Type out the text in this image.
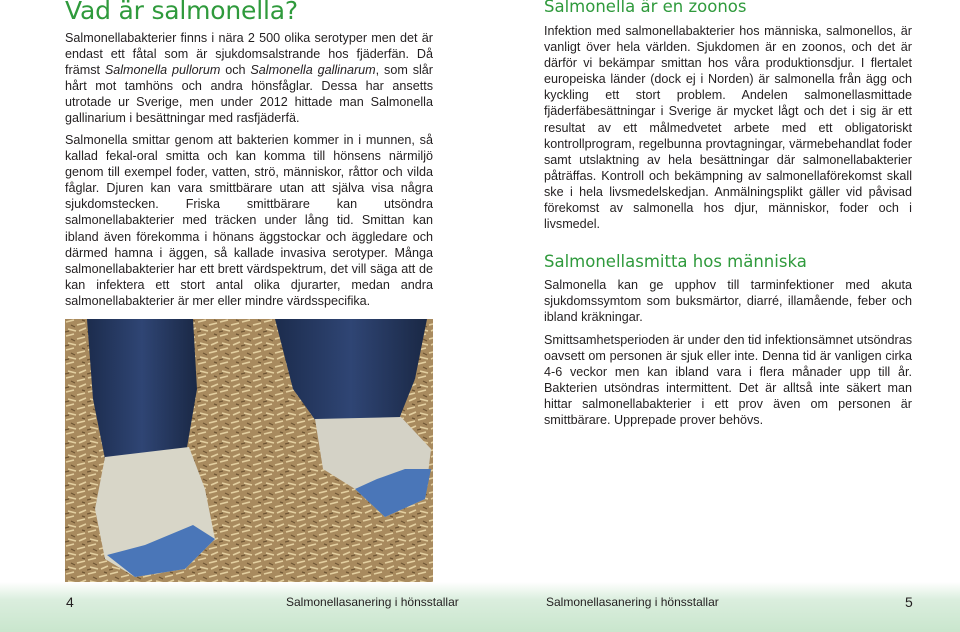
Vad är salmonella?

Salmonellabakterier finns i nära 2 500 olika serotyper men det är endast ett fåtal som är sjukdomsalstrande hos fjäderfän. Då främst Salmonella pullorum och Salmonella gallinarum, som slår hårt mot tamhöns och andra hönsfåglar. Dessa har ansetts utrotade ur Sverige, men under 2012 hittade man Salmonella gallinarium i besättningar med rasfjäderfä.

Salmonella smittar genom att bakterien kommer in i munnen, så kallad fekal-oral smitta och kan komma till hönsens närmiljö genom till exempel foder, vatten, strö, människor, råttor och vilda fåglar. Djuren kan vara smittbärare utan att själva visa några sjukdomstecken. Friska smittbärare kan utsöndra salmonellabakterier med träcken under lång tid. Smittan kan ibland även förekomma i hönans äggstockar och äggledare och därmed hamna i äggen, så kallade invasiva serotyper. Många salmonellabakterier har ett brett värdspektrum, det vill säga att de kan infektera ett stort antal olika djurarter, medan andra salmonellabakterier är mer eller mindre värdsspecifika.

Salmonella är en zoonos

Infektion med salmonellabakterier hos människa, salmonellos, är vanligt över hela världen. Sjukdomen är en zoonos, och det är därför vi bekämpar smittan hos våra produktionsdjur. I flertalet europeiska länder (dock ej i Norden) är salmonella från ägg och kyckling ett stort problem. Andelen salmonellasmittade fjäderfäbesättningar i Sverige är mycket lågt och det i sig är ett resultat av ett målmedvetet arbete med ett obligatoriskt kontrollprogram, regelbunna provtagningar, värmebehandlat foder samt utslaktning av hela besättningar där salmonellabakterier påträffas. Kontroll och bekämpning av salmonellaförekomst skall ske i hela livsmedelskedjan. Anmälningsplikt gäller vid påvisad förekomst av salmonella hos djur, människor, foder och i livsmedel.

Salmonellasmitta hos människa

Salmonella kan ge upphov till tarminfektioner med akuta sjukdomssymtom som buksmärtor, diarré, illamående, feber och ibland kräkningar.

Smittsamhetsperioden är under den tid infektionsämnet utsöndras oavsett om personen är sjuk eller inte. Denna tid är vanligen cirka 4-6 veckor men kan ibland vara i flera månader upp till år. Bakterien utsöndras intermittent. Det är alltså inte säkert man hittar salmonellabakterier i ett prov även om personen är smittbärare. Upprepade prover behövs.

4	Salmonellasanering i hönsstallar	Salmonellasanering i hönsstallar	5
